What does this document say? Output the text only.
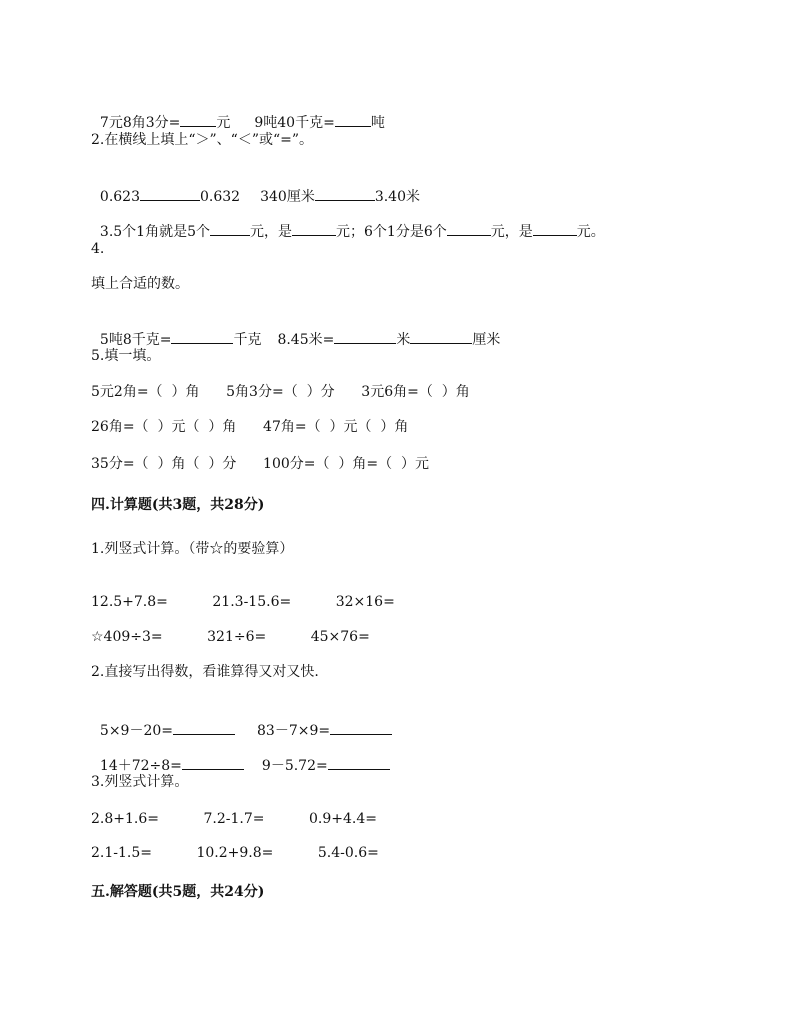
7元8角3分=	元 9吨40千克=	吨

2.在横线上填上“＞”、“＜”或“=”。

0.623	0.632 340厘米	3.40米

3.5个1角就是5个	元，是	元；6个1分是6个	元，是	元。

4.
填上合适的数。

5吨8千克=	千克 8.45米=	米	厘米

5.填一填。
5元2角=（  ）角      5角3分=（  ）分      3元6角=（  ）角
26角=（  ）元（  ）角      47角=（  ）元（  ）角
35分=（  ）角（  ）分      100分=（  ）角=（  ）元
四.计算题(共3题，共28分)
1.列竖式计算。（带☆的要验算）
12.5+7.8=          21.3-15.6=          32×16=
☆409÷3=          321÷6=          45×76=
2.直接写出得数，看谁算得又对又快.

5×9－20=	83－7×9=

14＋72÷8=	9－5.72=

3.列竖式计算。
2.8+1.6=          7.2-1.7=          0.9+4.4=
2.1-1.5=          10.2+9.8=          5.4-0.6=
五.解答题(共5题，共24分)
